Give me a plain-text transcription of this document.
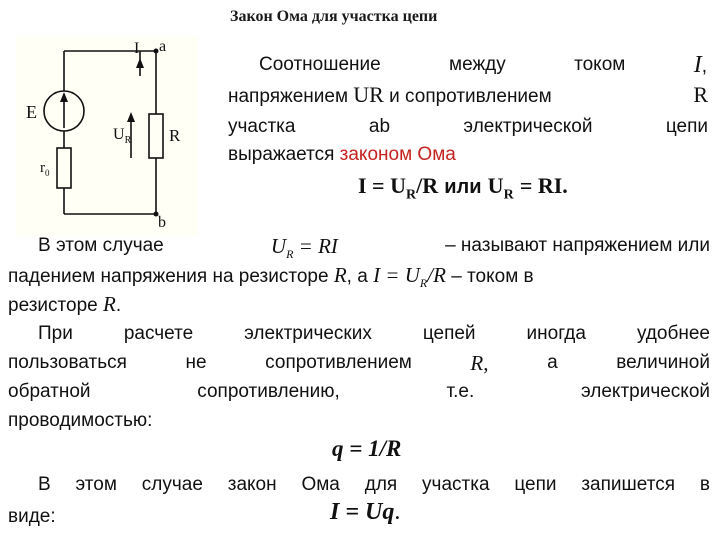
Закон Ома для участка цепи
I a
E
$U_R$ R
$r_0$
b
Соотношение	между	током	I,
напряжением UR и сопротивлением	R
участка	ab	электрической	цепи
выражается законом Ома
$I = U_R/R$ или $U_R$ = RI.
В этом случае	$U_R$ = RI	– называют напряжением или
падением напряжения на резисторе R, а $I = U_R/R$ – током в
резисторе R.
При	расчете	электрических	цепей	иногда	удобнее
пользоваться	не	сопротивлением	R,	а	величиной
обратной	сопротивлению,	т.е.	электрической
проводимостью:
q = 1/R
В этом случае закон Ома для участка цепи запишется в
виде:	I = Uq.
